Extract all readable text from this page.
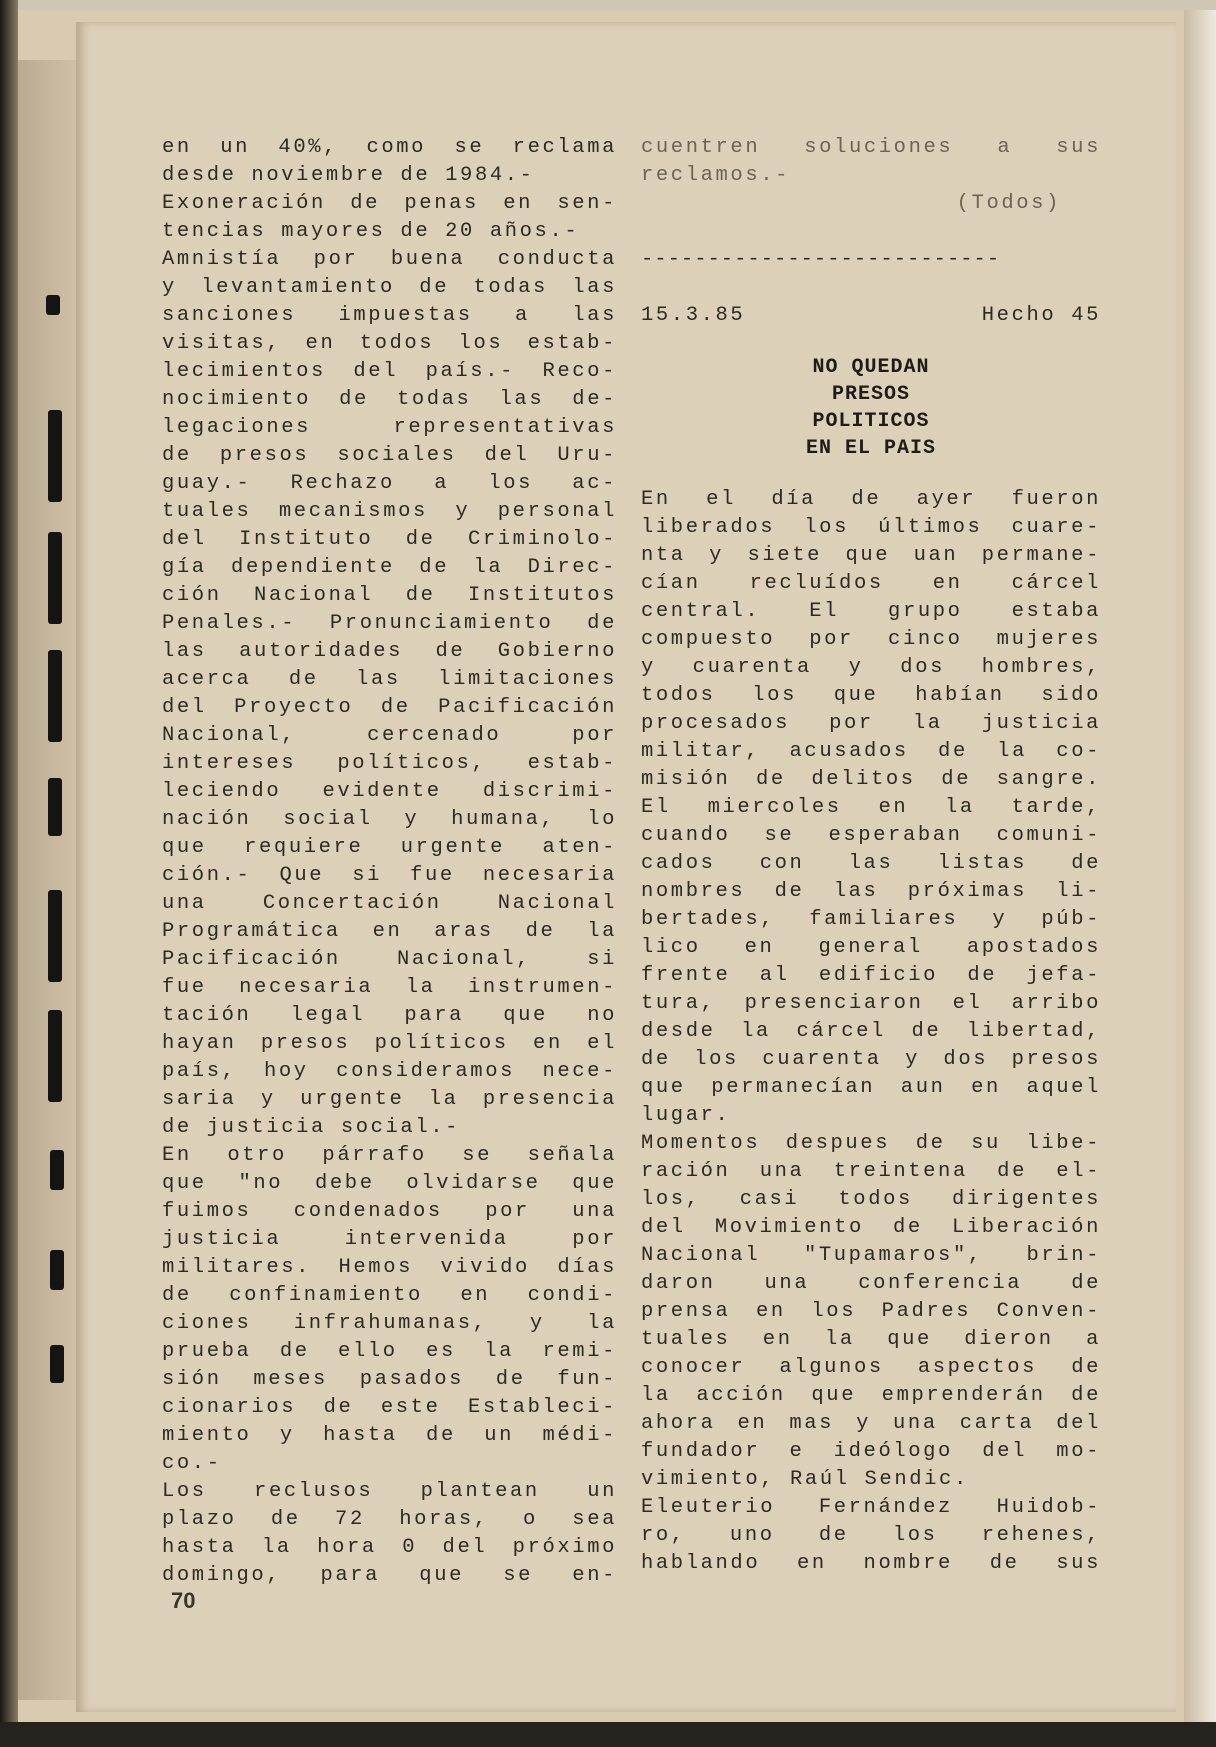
en un 40%, como se reclama
desde noviembre de 1984.-
Exoneración de penas en sen-
tencias mayores de 20 años.-
Amnistía por buena conducta
y levantamiento de todas las
sanciones impuestas a las
visitas, en todos los estab-
lecimientos del país.- Reco-
nocimiento de todas las de-
legaciones representativas
de presos sociales del Uru-
guay.- Rechazo a los ac-
tuales mecanismos y personal
del Instituto de Criminolo-
gía dependiente de la Direc-
ción Nacional de Institutos
Penales.- Pronunciamiento de
las autoridades de Gobierno
acerca de las limitaciones
del Proyecto de Pacificación
Nacional, cercenado por
intereses políticos, estab-
leciendo evidente discrimi-
nación social y humana, lo
que requiere urgente aten-
ción.- Que si fue necesaria
una Concertación Nacional
Programática en aras de la
Pacificación Nacional, si
fue necesaria la instrumen-
tación legal para que no
hayan presos políticos en el
país, hoy consideramos nece-
saria y urgente la presencia
de justicia social.-
En otro párrafo se señala
que "no debe olvidarse que
fuimos condenados por una
justicia intervenida por
militares. Hemos vivido días
de confinamiento en condi-
ciones infrahumanas, y la
prueba de ello es la remi-
sión meses pasados de fun-
cionarios de este Estableci-
miento y hasta de un médi-
co.-
Los reclusos plantean un
plazo de 72 horas, o sea
hasta la hora 0 del próximo
domingo, para que se en-
cuentren soluciones a sus
reclamos.-
(Todos)
---------------------------
15.3.85	Hecho 45
NO QUEDAN
PRESOS
POLITICOS
EN EL PAIS
En el día de ayer fueron
liberados los últimos cuare-
nta y siete que uan permane-
cían recluídos en cárcel
central. El grupo estaba
compuesto por cinco mujeres
y cuarenta y dos hombres,
todos los que habían sido
procesados por la justicia
militar, acusados de la co-
misión de delitos de sangre.
El miercoles en la tarde,
cuando se esperaban comuni-
cados con las listas de
nombres de las próximas li-
bertades, familiares y púb-
lico en general apostados
frente al edificio de jefa-
tura, presenciaron el arribo
desde la cárcel de libertad,
de los cuarenta y dos presos
que permanecían aun en aquel
lugar.
Momentos despues de su libe-
ración una treintena de el-
los, casi todos dirigentes
del Movimiento de Liberación
Nacional "Tupamaros", brin-
daron una conferencia de
prensa en los Padres Conven-
tuales en la que dieron a
conocer algunos aspectos de
la acción que emprenderán de
ahora en mas y una carta del
fundador e ideólogo del mo-
vimiento, Raúl Sendic.
Eleuterio Fernández Huidob-
ro, uno de los rehenes,
hablando en nombre de sus
70
